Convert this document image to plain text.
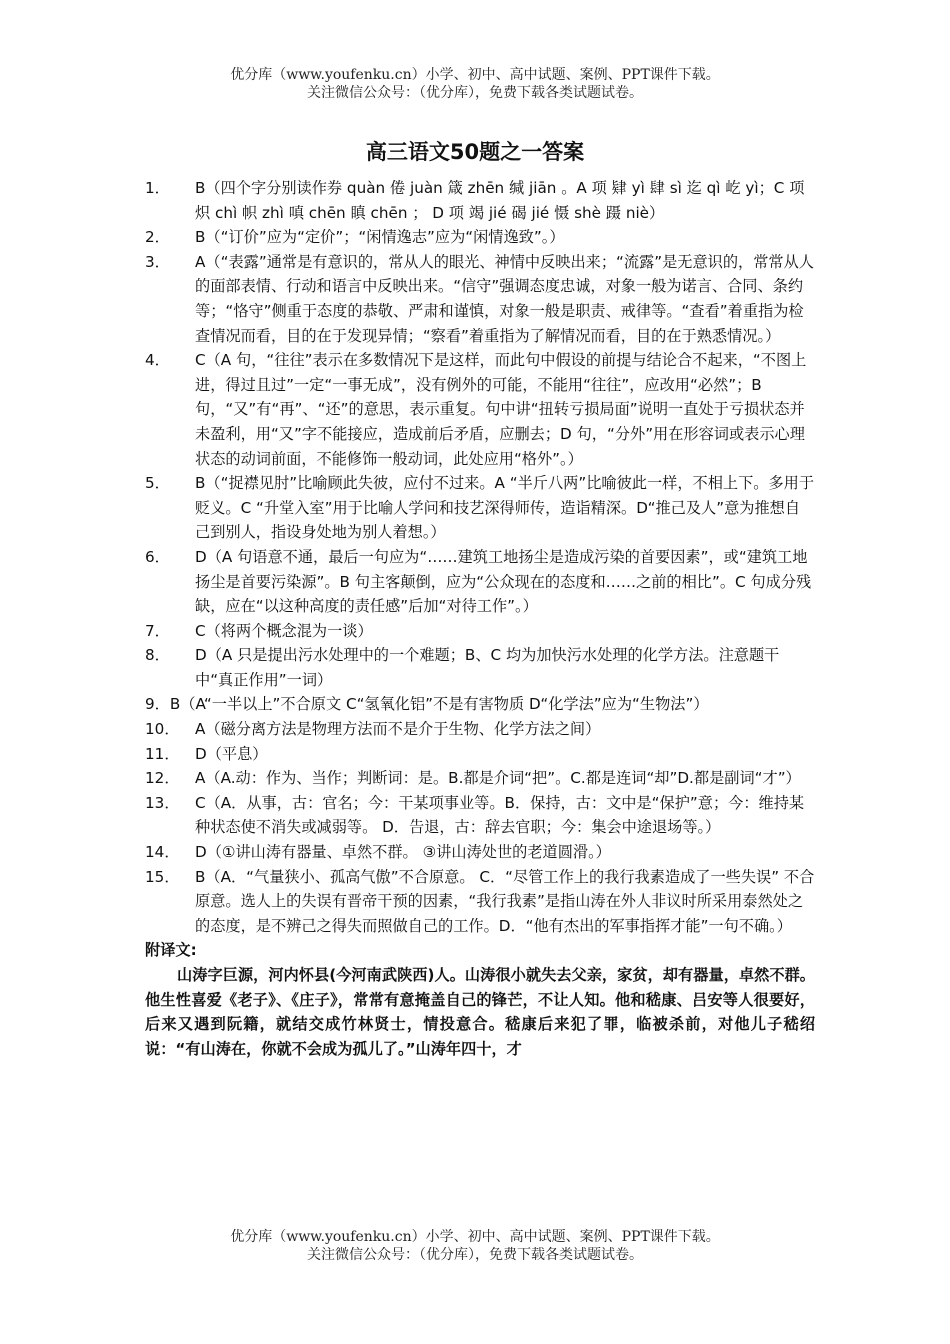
优分库（www.youfenku.cn）小学、初中、高中试题、案例、PPT课件下载。
关注微信公众号：（优分库），免费下载各类试题试卷。
高三语文50题之一答案
1． B（四个字分别读作券 quàn 倦 juàn 箴 zhēn 缄 jiān 。A 项 肄 yì 肆 sì 迄 qì 屹 yì；C 项 炽 chì 帜 zhì 嗔 chēn 瞋 chēn ； D 项 竭 jié 碣 jié 慑 shè 蹑 niè）
2． B（“订价”应为“定价”；“闲情逸志”应为“闲情逸致”。）
3． A（“表露”通常是有意识的，常从人的眼光、神情中反映出来；“流露”是无意识的，常常从人的面部表情、行动和语言中反映出来。“信守”强调态度忠诚，对象一般为诺言、合同、条约等；“恪守”侧重于态度的恭敬、严肃和谨慎，对象一般是职责、戒律等。“查看”着重指为检查情况而看，目的在于发现异情；“察看”着重指为了解情况而看，目的在于熟悉情况。）
4． C（A 句，“往往”表示在多数情况下是这样，而此句中假设的前提与结论合不起来，“不图上进，得过且过”一定“一事无成”，没有例外的可能，不能用“往往”，应改用“必然”；B 句，“又”有“再”、“还”的意思，表示重复。句中讲“扭转亏损局面”说明一直处于亏损状态并未盈利，用“又”字不能接应，造成前后矛盾，应删去；D 句，“分外”用在形容词或表示心理状态的动词前面，不能修饰一般动词，此处应用“格外”。）
5． B（“捉襟见肘”比喻顾此失彼，应付不过来。A “半斤八两”比喻彼此一样，不相上下。多用于贬义。C “升堂入室”用于比喻人学问和技艺深得师传，造诣精深。D“推己及人”意为推想自己到别人，指设身处地为别人着想。）
6． D（A 句语意不通，最后一句应为“……建筑工地扬尘是造成污染的首要因素”，或“建筑工地扬尘是首要污染源”。B 句主客颠倒，应为“公众现在的态度和……之前的相比”。C 句成分残缺，应在“以这种高度的责任感”后加“对待工作”。）
7． C（将两个概念混为一谈）
8． D（A 只是提出污水处理中的一个难题；B、C 均为加快污水处理的化学方法。注意题干中“真正作用”一词）
9．B（A“一半以上”不合原文 C“氢氧化铝”不是有害物质 D“化学法”应为“生物法”）
10． A（磁分离方法是物理方法而不是介于生物、化学方法之间）
11． D（平息）
12． A（A.动：作为、当作；判断词：是。B.都是介词“把”。C.都是连词“却”D.都是副词“才”）
13． C（A．从事，古：官名；今：干某项事业等。B．保持，古：文中是“保护”意；今：维持某种状态使不消失或减弱等。 D．告退，古：辞去官职；今：集会中途退场等。）
14． D（①讲山涛有器量、卓然不群。 ③讲山涛处世的老道圆滑。）
15． B（A．“气量狭小、孤高气傲”不合原意。 C．“尽管工作上的我行我素造成了一些失误” 不合原意。选人上的失误有晋帝干预的因素，“我行我素”是指山涛在外人非议时所采用泰然处之的态度，是不辨己之得失而照做自己的工作。D．“他有杰出的军事指挥才能”一句不确。）
附译文:
山涛字巨源，河内怀县(今河南武陕西)人。山涛很小就失去父亲，家贫，却有器量，卓然不群。他生性喜爱《老子》、《庄子》，常常有意掩盖自己的锋芒，不让人知。他和嵇康、吕安等人很要好，后来又遇到阮籍，就结交成竹林贤士，情投意合。嵇康后来犯了罪，临被杀前，对他儿子嵇绍说：“有山涛在，你就不会成为孤儿了。”山涛年四十，才
优分库（www.youfenku.cn）小学、初中、高中试题、案例、PPT课件下载。
关注微信公众号：（优分库），免费下载各类试题试卷。
